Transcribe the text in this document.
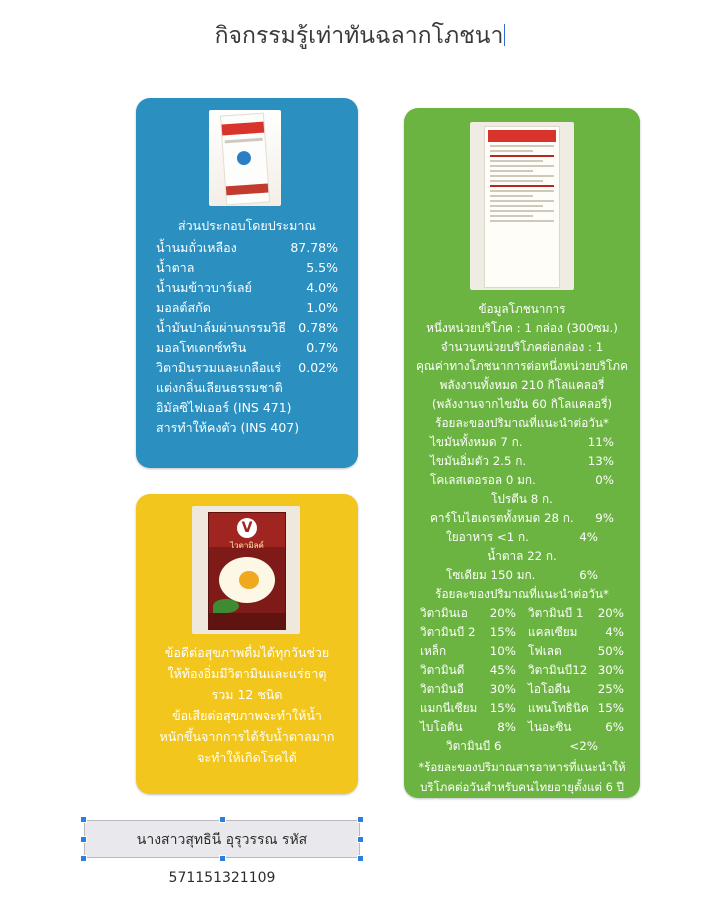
กิจกรรมรู้เท่าทันฉลากโภชนา
ส่วนประกอบโดยประมาณ
น้ำนมถั่วเหลือง	87.78%
น้ำตาล	5.5%
น้ำนมข้าวบาร์เลย์	4.0%
มอลต์สกัด	1.0%
น้ำมันปาล์มผ่านกรรมวิธี 0.78%
มอลโทเดกซ์ทริน	0.7%
วิตามินรวมและเกลือแร่ 0.02%
แต่งกลิ่นเลียนธรรมชาติ
อิมัลซิไฟเออร์ (INS 471)
สารทำให้คงตัว (INS 407)
V
ไวตามิลค์
ข้อดีต่อสุขภาพดื่มได้ทุกวันช่วย
ให้ท้องอิ่มมีวิตามินและแร่ธาตุ
รวม 12 ชนิด
ข้อเสียต่อสุขภาพจะทำให้น้ำ
หนักขึ้นจากการได้รับน้ำตาลมาก
จะทำให้เกิดโรคได้
ข้อมูลโภชนาการ
หนึ่งหน่วยบริโภค : 1 กล่อง (300ซม.)
จำนวนหน่วยบริโภคต่อกล่อง : 1
คุณค่าทางโภชนาการต่อหนึ่งหน่วยบริโภค
พลังงานทั้งหมด 210 กิโลแคลอรี่
(พลังงานจากไขมัน 60 กิโลแคลอรี่)
ร้อยละของปริมาณที่แนะนำต่อวัน*
ไขมันทั้งหมด 7 ก.	11%
ไขมันอิ่มตัว 2.5 ก.	13%
โคเลสเตอรอล 0 มก.	0%
โปรตีน 8 ก.
คาร์โบไฮเดรตทั้งหมด 28 ก. 9%
ใยอาหาร <1 ก.	4%
น้ำตาล 22 ก.
โซเดียม 150 มก.	6%
ร้อยละของปริมาณที่แนะนำต่อวัน*
วิตามินเอ 20% วิตามินบี 1 20%
วิตามินบี 2 15% แคลเซียม 4%
เหล็ก	10% โฟเลต	50%
วิตามินดี 45% วิตามินบี12 30%
วิตามินอี 30% ไอโอดีน 25%
แมกนีเซียม 15% แพนโทธินิค 15%
ไบโอติน	8% ไนอะซิน	6%
วิตามินบี 6	<2%
*ร้อยละของปริมาณสารอาหารที่แนะนำให้
บริโภคต่อวันสำหรับคนไทยอายุตั้งแต่ 6 ปี
ขึ้นไป ( Thai RDI ) โดยคิดจากความ
ต้องการพลังงานวันละ 2,000 กิโลแคลอรี่
นางสาวสุทธินี อุรุวรรณ รหัส 571151321109
